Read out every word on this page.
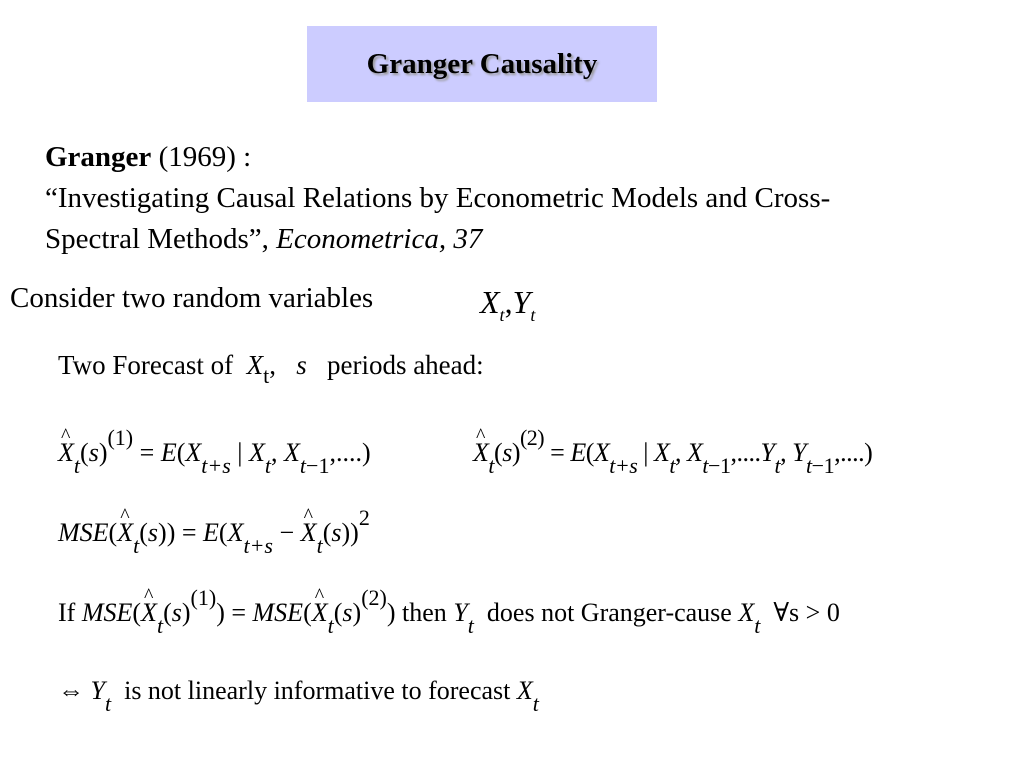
Granger Causality
Granger (1969) :
“Investigating Causal Relations by Econometric Models and Cross-
Spectral Methods”, Econometrica, 37
Consider two random variables	$X_t,Y_t$
Two Forecast of $X_t$,   s periods ahead:
^ $X_t(s)^{(1)} = E(X_{t+s}$ | $X_t$, $X_{t-1}$,....)
^	$X_t(s)^{(2)} = E(X_{t+s}$ | $X_t$, $X_{t-1},....Y_t$, $Y_{t-1}$,....)
MSE(^ $X_t(s)) = E(X_{t+s}$ − ^ $X_t(s))^2$
If MSE(^ $X_t(s)^{(1)}$) = MSE(^ $X_t(s)^{(2)}$) then $Y_t$ does not Granger-cause $X_t$ ∀s > 0
⇔ $Y_t$ is not linearly informative to forecast $X_t$
